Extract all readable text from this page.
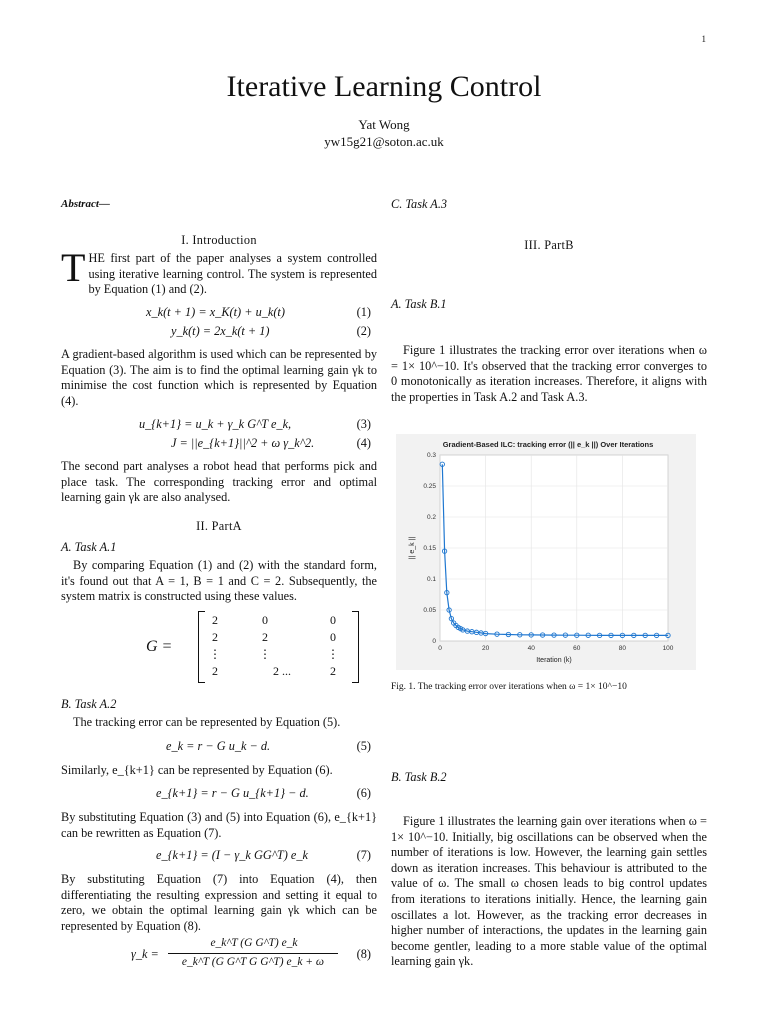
1
Iterative Learning Control
Yat Wong
yw15g21@soton.ac.uk
Abstract—
I. Introduction

THE first part of the paper analyses a system controlled using iterative learning control. The system is represented by Equation (1) and (2).

x_k(t + 1) = x_K(t) + u_k(t)	(1)
y_k(t) = 2x_k(t + 1)	(2)

A gradient-based algorithm is used which can be represented by Equation (3). The aim is to find the optimal learning gain γk to minimise the cost function which is represented by Equation (4).

u_{k+1} = u_k + γ_k G^T e_k,	(3)
J = ||e_{k+1}||^2 + ω γ_k^2.	(4)

The second part analyses a robot head that performs pick and place task. The corresponding tracking error and optimal learning gain γk are also analysed.

II. PartA
A. Task A.1

By comparing Equation (1) and (2) with the standard form, it's found out that A = 1, B = 1 and C = 2. Subsequently, the system matrix is constructed using these values.

B. Task A.2

The tracking error can be represented by Equation (5).

e_k = r − G u_k − d.	(5)

Similarly, e_{k+1} can be represented by Equation (6).

e_{k+1} = r − G u_{k+1} − d.	(6)

By substituting Equation (3) and (5) into Equation (6), e_{k+1} can be rewritten as Equation (7).

e_{k+1} = (I − γ_k GG^T) e_k	(7)

By substituting Equation (7) into Equation (4), then differentiating the resulting expression and setting it equal to zero, we obtain the optimal learning gain γk which can be represented by Equation (8).

γ_k =
e_k^T (G G^T) e_k
e_k^T (G G^T G G^T) e_k + ω
(8)
G =
2	0	0
2	2	0
⋮	⋮	⋮
2	2 ...	2
C. Task A.3
III. PartB
A. Task B.1

Figure 1 illustrates the tracking error over iterations when ω = 1× 10^−10. It's observed that the tracking error converges to 0 monotonically as iteration increases. Therefore, it aligns with the properties in Task A.2 and Task A.3.

Fig. 1. The tracking error over iterations when ω = 1× 10^−10
B. Task B.2

Figure 1 illustrates the learning gain over iterations when ω = 1× 10^−10. Initially, big oscillations can be observed when the number of iterations is low. However, the learning gain settles down as iteration increases. This behaviour is attributed to the value of ω. The small ω chosen leads to big control updates from iterations to iterations initially. Hence, the learning gain oscillates a lot. However, as the tracking error decreases in higher number of interactions, the updates in the learning gain become gentler, leading to a more stable value of the optimal learning gain γk.

Gradient-Based ILC: tracking error (|| e_k ||) Over Iterations
0	20	40	60	80	100
0
0.05
0.1
0.15
0.2
0.25
0.3
Iteration (k)
|| e_k ||
